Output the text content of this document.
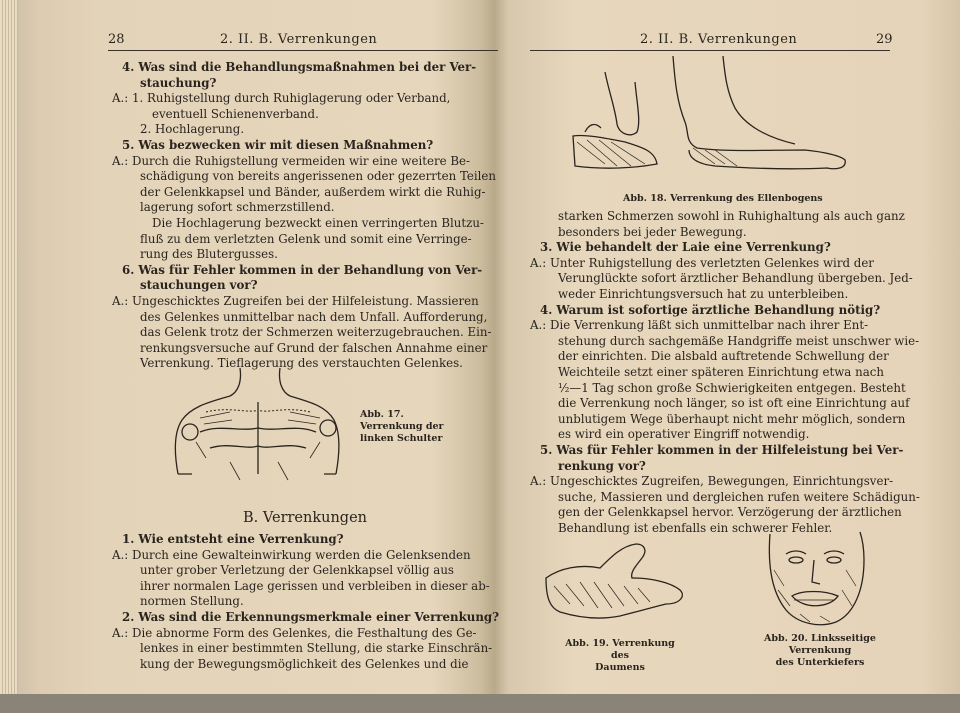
28	2. II. B. Verrenkungen
4. Was sind die Behandlungsmaßnahmen bei der Ver-
stauchung?
A.: 1. Ruhigstellung durch Ruhiglagerung oder Verband,
eventuell Schienenverband.
2. Hochlagerung.
5. Was bezwecken wir mit diesen Maßnahmen?
A.: Durch die Ruhigstellung vermeiden wir eine weitere Be-
schädigung von bereits angerissenen oder gezerrten Teilen
der Gelenkkapsel und Bänder, außerdem wirkt die Ruhig-
lagerung sofort schmerzstillend.
Die Hochlagerung bezweckt einen verringerten Blutzu-
fluß zu dem verletzten Gelenk und somit eine Verringe-
rung des Blutergusses.
6. Was für Fehler kommen in der Behandlung von Ver-
stauchungen vor?
A.: Ungeschicktes Zugreifen bei der Hilfeleistung. Massieren
des Gelenkes unmittelbar nach dem Unfall. Aufforderung,
das Gelenk trotz der Schmerzen weiterzugebrauchen. Ein-
renkungsversuche auf Grund der falschen Annahme einer
Verrenkung. Tieflagerung des verstauchten Gelenkes.
Abb. 17.
Verrenkung der
linken Schulter
B. Verrenkungen
1. Wie entsteht eine Verrenkung?
A.: Durch eine Gewalteinwirkung werden die Gelenksenden
unter grober Verletzung der Gelenkkapsel völlig aus
ihrer normalen Lage gerissen und verbleiben in dieser ab-
normen Stellung.
2. Was sind die Erkennungsmerkmale einer Verrenkung?
A.: Die abnorme Form des Gelenkes, die Festhaltung des Ge-
lenkes in einer bestimmten Stellung, die starke Einschrän-
kung der Bewegungsmöglichkeit des Gelenkes und die
2. II. B. Verrenkungen	29
Abb. 18. Verrenkung des Ellenbogens
starken Schmerzen sowohl in Ruhighaltung als auch ganz
besonders bei jeder Bewegung.
3. Wie behandelt der Laie eine Verrenkung?
A.: Unter Ruhigstellung des verletzten Gelenkes wird der
Verunglückte sofort ärztlicher Behandlung übergeben. Jed-
weder Einrichtungsversuch hat zu unterbleiben.
4. Warum ist sofortige ärztliche Behandlung nötig?
A.: Die Verrenkung läßt sich unmittelbar nach ihrer Ent-
stehung durch sachgemäße Handgriffe meist unschwer wie-
der einrichten. Die alsbald auftretende Schwellung der
Weichteile setzt einer späteren Einrichtung etwa nach
½—1 Tag schon große Schwierigkeiten entgegen. Besteht
die Verrenkung noch länger, so ist oft eine Einrichtung auf
unblutigem Wege überhaupt nicht mehr möglich, sondern
es wird ein operativer Eingriff notwendig.
5. Was für Fehler kommen in der Hilfeleistung bei Ver-
renkung vor?
A.: Ungeschicktes Zugreifen, Bewegungen, Einrichtungsver-
suche, Massieren und dergleichen rufen weitere Schädigun-
gen der Gelenkkapsel hervor. Verzögerung der ärztlichen
Behandlung ist ebenfalls ein schwerer Fehler.
Abb. 19. Verrenkung des
Daumens
Abb. 20. Linksseitige Verrenkung
des Unterkiefers
